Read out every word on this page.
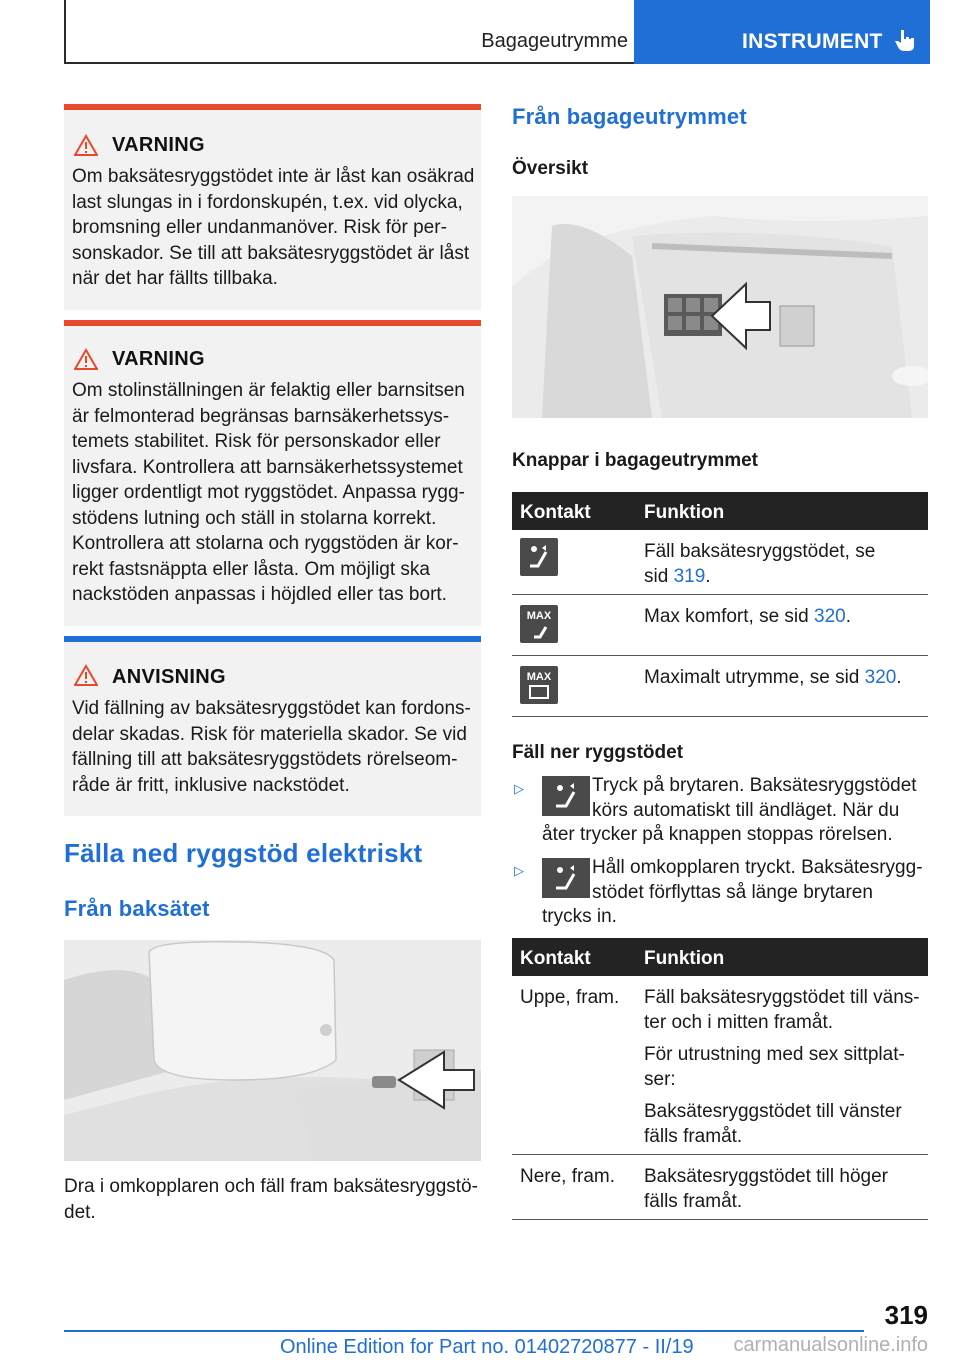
Bagageutrymme	INSTRUMENT
VARNING
Om baksätesryggstödet inte är låst kan osäkrad
last slungas in i fordonskupén, t.ex. vid olycka,
bromsning eller undanmanöver. Risk för per-
sonskador. Se till att baksätesryggstödet är låst
när det har fällts tillbaka.
VARNING
Om stolinställningen är felaktig eller barnsitsen
är felmonterad begränsas barnsäkerhetssys-
temets stabilitet. Risk för personskador eller
livsfara. Kontrollera att barnsäkerhetssystemet
ligger ordentligt mot ryggstödet. Anpassa rygg-
stödens lutning och ställ in stolarna korrekt.
Kontrollera att stolarna och ryggstöden är kor-
rekt fastsnäppta eller låsta. Om möjligt ska
nackstöden anpassas i höjdled eller tas bort.
ANVISNING
Vid fällning av baksätesryggstödet kan fordons-
delar skadas. Risk för materiella skador. Se vid
fällning till att baksätesryggstödets rörelseom-
råde är fritt, inklusive nackstödet.
Fälla ned ryggstöd elektriskt
Från baksätet
Dra i omkopplaren och fäll fram baksätesryggstö-
det.
Från bagageutrymmet
Översikt
Knappar i bagageutrymmet
Kontakt	Funktion
Fäll baksätesryggstödet, se
sid 319.
MAX	Max komfort, se sid 320.
MAX	Maximalt utrymme, se sid 320.
Fäll ner ryggstödet
▷	Tryck på brytaren. Baksätesryggstödet
körs automatiskt till ändläget. När du
åter trycker på knappen stoppas rörelsen.
▷	Håll omkopplaren tryckt. Baksätesrygg-
stödet förflyttas så länge brytaren
trycks in.
Kontakt	Funktion
Uppe, fram. Fäll baksätesryggstödet till väns-
ter och i mitten framåt.
För utrustning med sex sittplat-
ser:
Baksätesryggstödet till vänster
fälls framåt.
Nere, fram. Baksätesryggstödet till höger
fälls framåt.
319
Online Edition for Part no. 01402720877 - II/19 carmanualsonline.info
